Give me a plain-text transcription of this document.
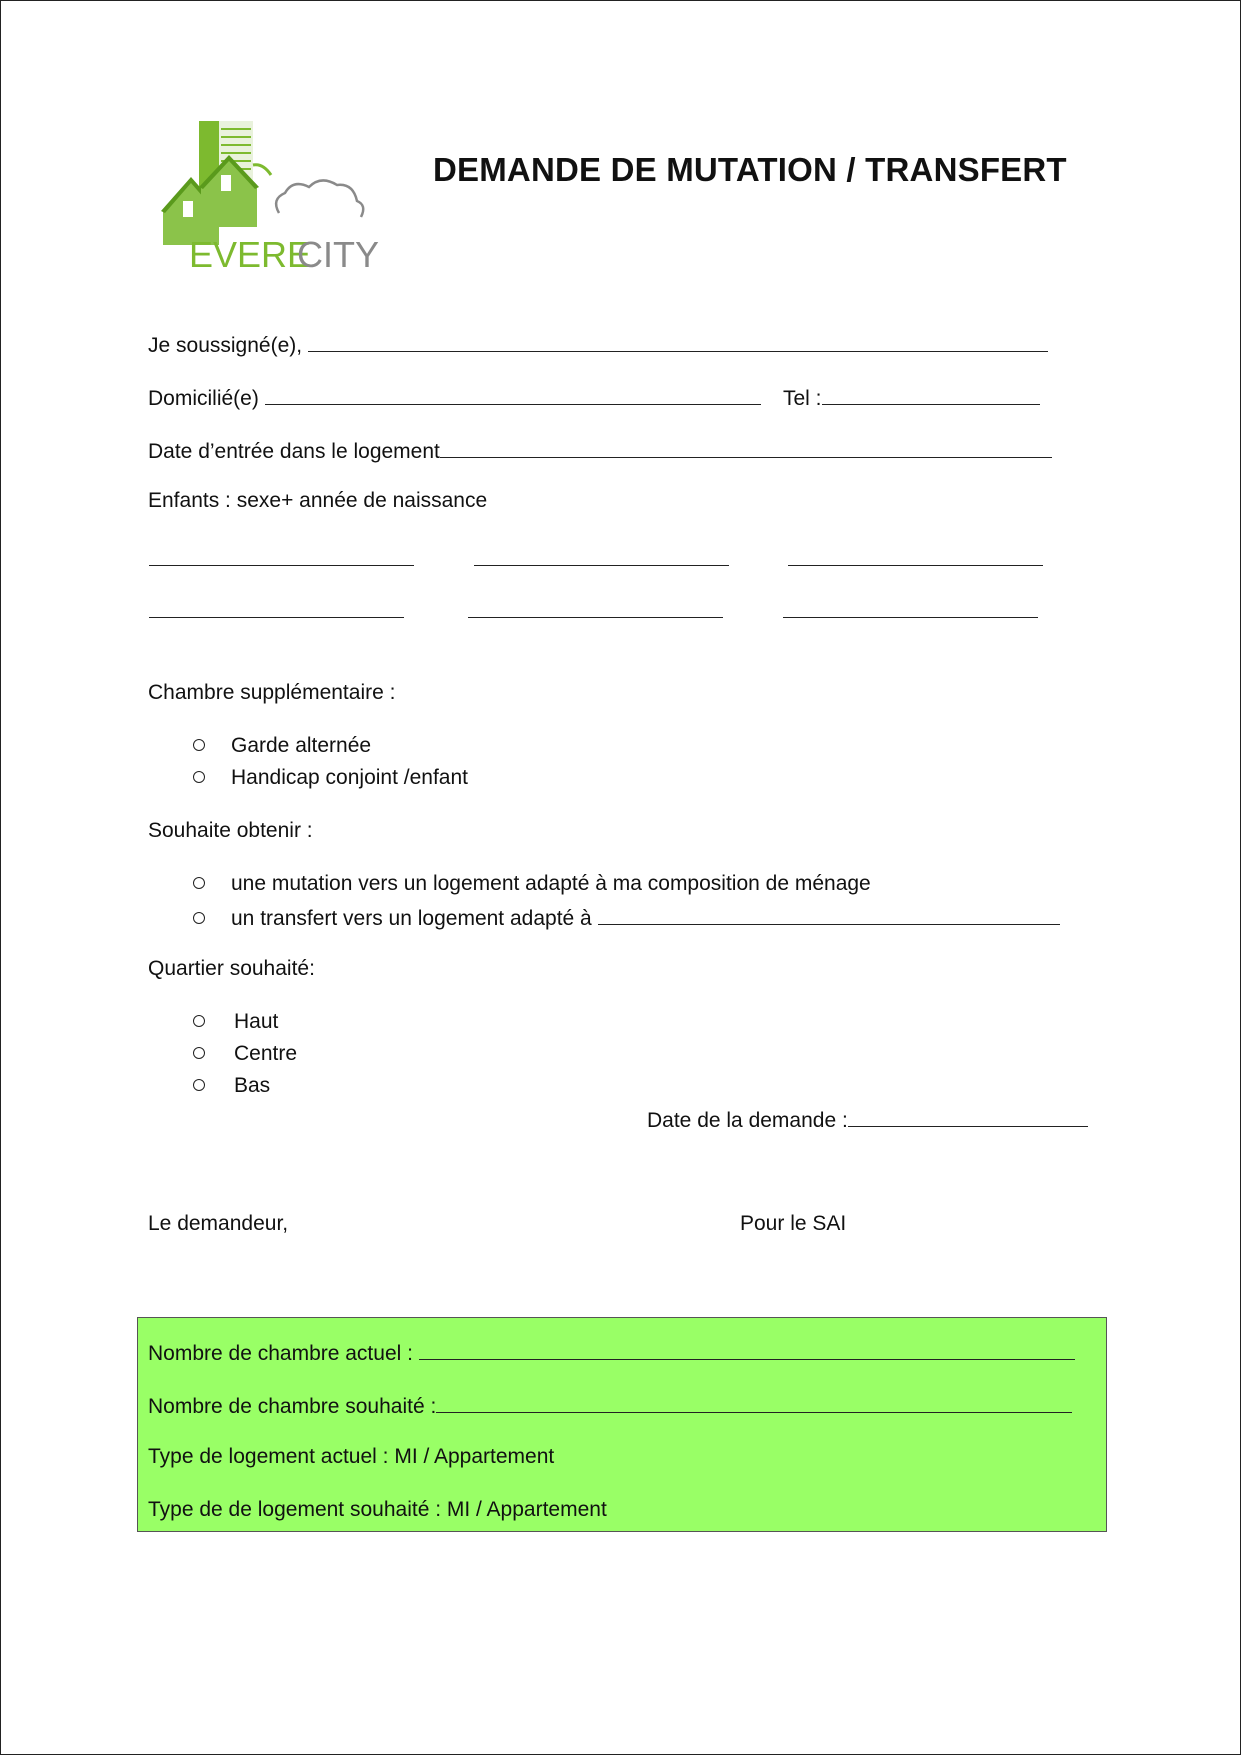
EVERE
CITY
DEMANDE DE MUTATION / TRANSFERT
Je soussigné(e),
Domicilié(e)	Tel :
Date d’entrée dans le logement
Enfants : sexe+ année de naissance
Chambre supplémentaire :
Garde alternée
Handicap conjoint /enfant
Souhaite obtenir :
une mutation vers un logement adapté à ma composition de ménage
un transfert vers un logement adapté à
Quartier souhaité:
Haut
Centre
Bas
Date de la demande :
Le demandeur,	Pour le SAI
Nombre de chambre actuel :
Nombre de chambre souhaité :
Type de logement actuel : MI / Appartement
Type de de logement souhaité : MI / Appartement
